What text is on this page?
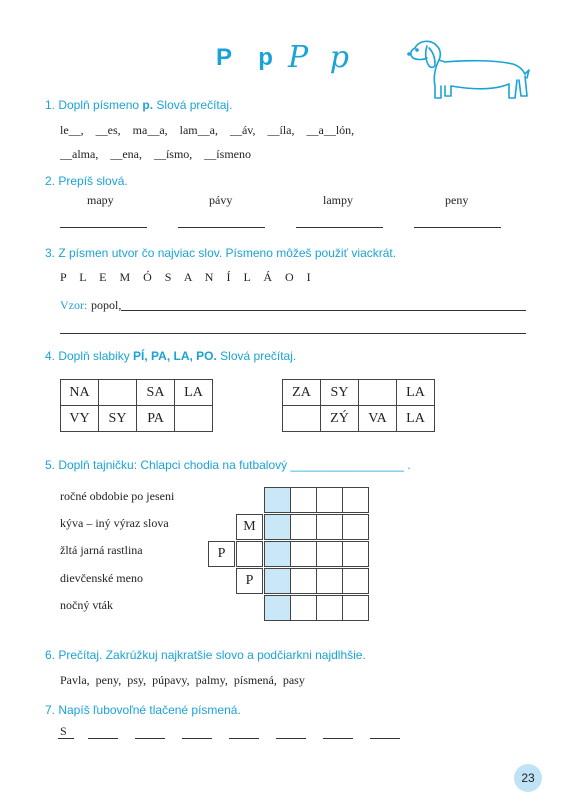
P p P p
1. Doplň písmeno p. Slová prečítaj.
le__,    __es,    ma__a,    lam__a,    __áv,    __íla,    __a__lón,
__alma,    __ena,    __ísmo,    __ísmeno
2. Prepíš slová.
mapy	pávy	lampy	peny
3. Z písmen utvor čo najviac slov. Písmeno môžeš použiť viackrát.
P L E M Ó S A N Í L Á O I
Vzor: popol,
4. Doplň slabiky PÍ, PA, LA, PO. Slová prečítaj.
NA		SA	LA
VY	SY	PA	
ZA	SY		LA
	ZÝ	VA	LA
5. Doplň tajničku: Chlapci chodia na futbalový _________________ .
ročné obdobie po jeseni
kýva – iný výraz slova
žltá jarná rastlina
dievčenské meno
nočný vták
M
P
P
6. Prečítaj. Zakrúžkuj najkratšie slovo a podčiarkni najdlhšie.
Pavla,  peny,  psy,  púpavy,  palmy,  písmená,  pasy
7. Napíš ľubovoľné tlačené písmená.
S
23
